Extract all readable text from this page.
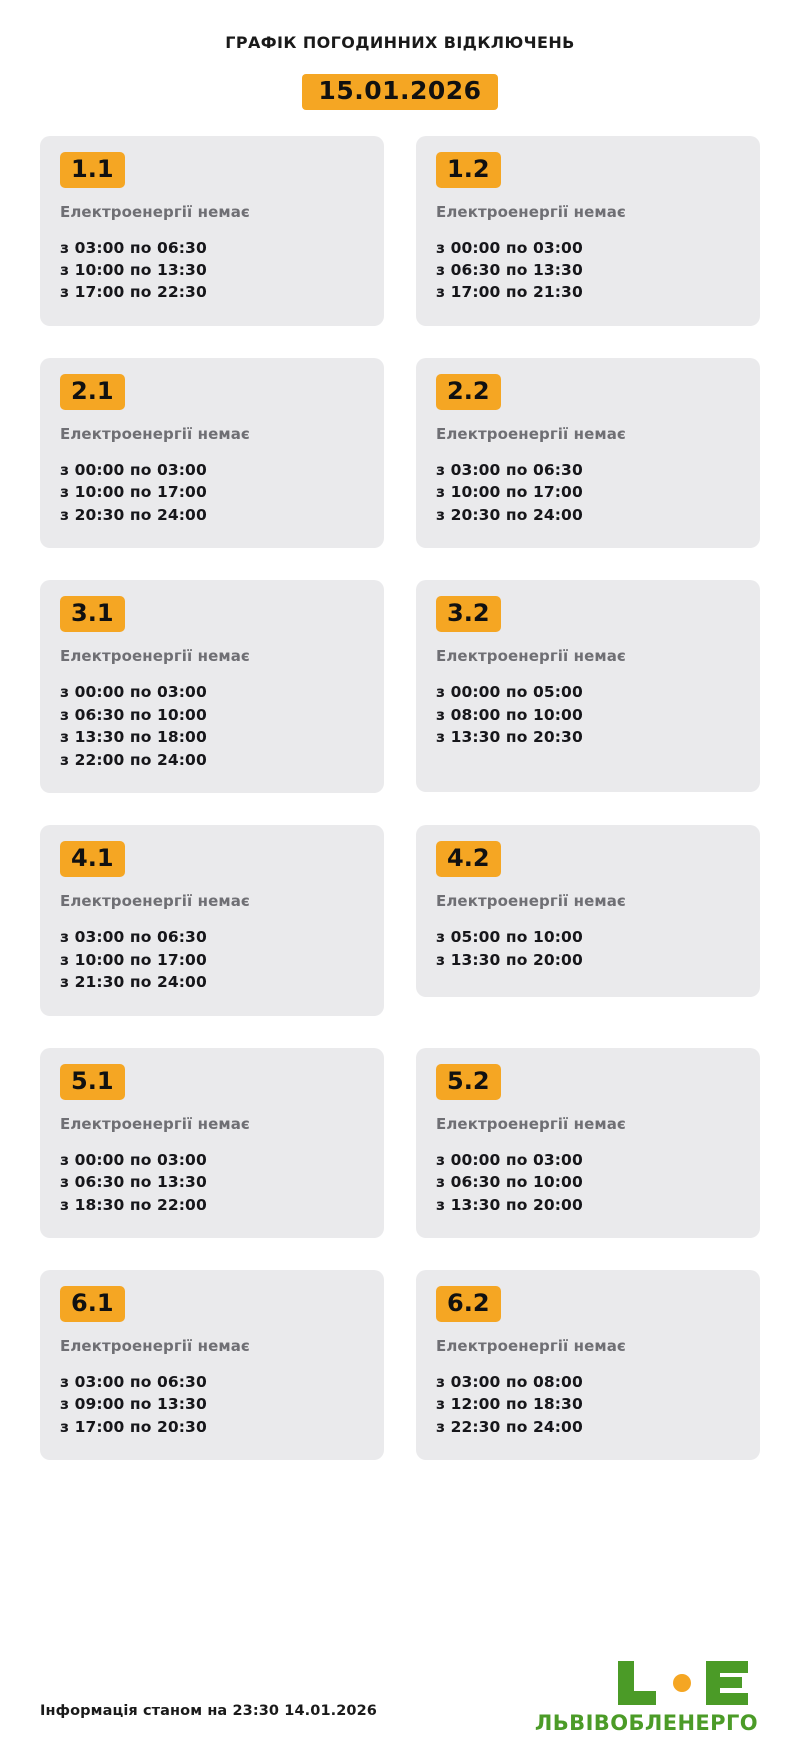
ГРАФІК ПОГОДИННИХ ВІДКЛЮЧЕНЬ
15.01.2026
1.1
Електроенергії немає
з 03:00 по 06:30
з 10:00 по 13:30
з 17:00 по 22:30
1.2
Електроенергії немає
з 00:00 по 03:00
з 06:30 по 13:30
з 17:00 по 21:30
2.1
Електроенергії немає
з 00:00 по 03:00
з 10:00 по 17:00
з 20:30 по 24:00
2.2
Електроенергії немає
з 03:00 по 06:30
з 10:00 по 17:00
з 20:30 по 24:00
3.1
Електроенергії немає
з 00:00 по 03:00
з 06:30 по 10:00
з 13:30 по 18:00
з 22:00 по 24:00
3.2
Електроенергії немає
з 00:00 по 05:00
з 08:00 по 10:00
з 13:30 по 20:30
4.1
Електроенергії немає
з 03:00 по 06:30
з 10:00 по 17:00
з 21:30 по 24:00
4.2
Електроенергії немає
з 05:00 по 10:00
з 13:30 по 20:00
5.1
Електроенергії немає
з 00:00 по 03:00
з 06:30 по 13:30
з 18:30 по 22:00
5.2
Електроенергії немає
з 00:00 по 03:00
з 06:30 по 10:00
з 13:30 по 20:00
6.1
Електроенергії немає
з 03:00 по 06:30
з 09:00 по 13:30
з 17:00 по 20:30
6.2
Електроенергії немає
з 03:00 по 08:00
з 12:00 по 18:30
з 22:30 по 24:00
Інформація станом на 23:30 14.01.2026	ЛЬВІВОБЛЕНЕРГО
